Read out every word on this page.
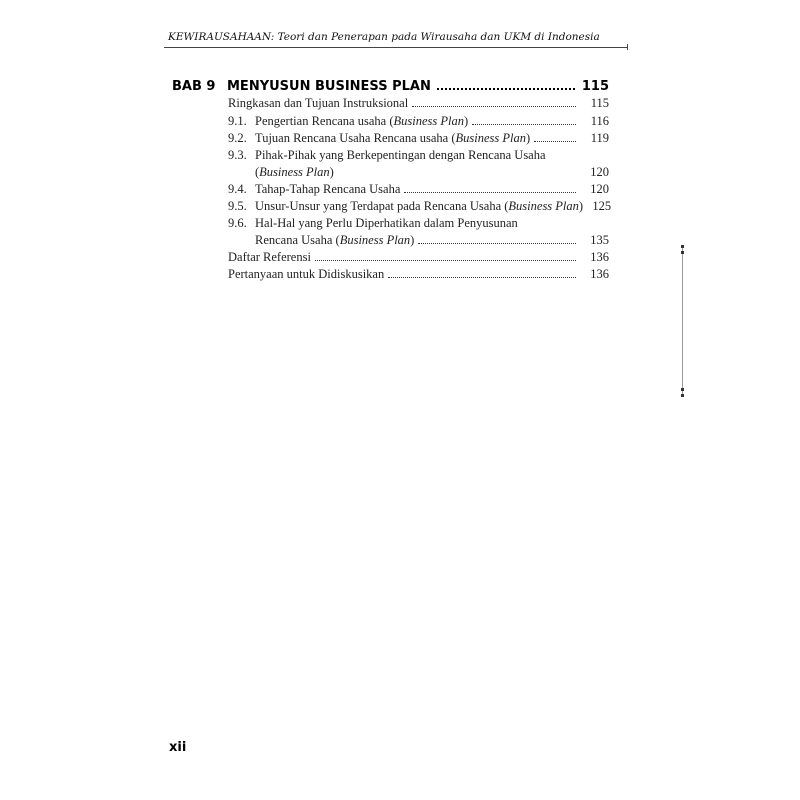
KEWIRAUSAHAAN: Teori dan Penerapan pada Wirausaha dan UKM di Indonesia
BAB 9 MENYUSUN BUSINESS PLAN	115
Ringkasan dan Tujuan Instruksional	115
9.1. Pengertian Rencana usaha (Business Plan)	116
9.2. Tujuan Rencana Usaha Rencana usaha (Business Plan)	119
9.3. Pihak-Pihak yang Berkepentingan dengan Rencana Usaha
(Business Plan)	120
9.4. Tahap-Tahap Rencana Usaha	120
9.5. Unsur-Unsur yang Terdapat pada Rencana Usaha (Business Plan) 125
9.6. Hal-Hal yang Perlu Diperhatikan dalam Penyusunan
Rencana Usaha (Business Plan)	135
Daftar Referensi	136
Pertanyaan untuk Didiskusikan	136
xii
